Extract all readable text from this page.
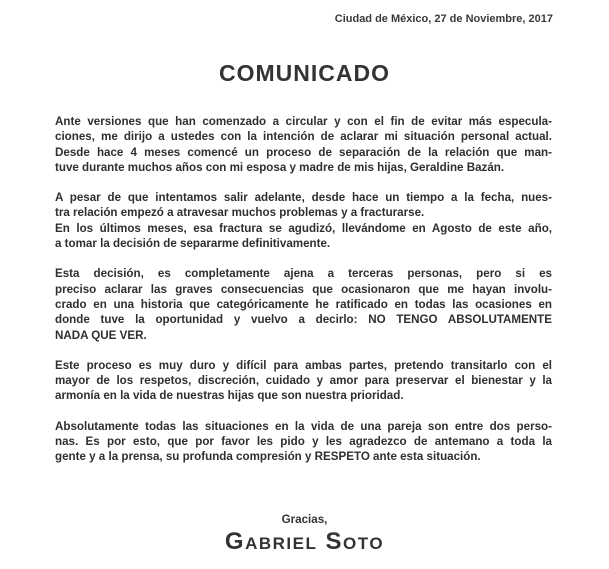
Ciudad de México, 27 de Noviembre, 2017
COMUNICADO
Ante versiones que han comenzado a circular y con el fin de evitar más especula-
ciones, me dirijo a ustedes con la intención de aclarar mi situación personal actual.
Desde hace 4 meses comencé un proceso de separación de la relación que man-
tuve durante muchos años con mi esposa y madre de mis hijas, Geraldine Bazán.
A pesar de que intentamos salir adelante, desde hace un tiempo a la fecha, nues-
tra relación empezó a atravesar muchos problemas y a fracturarse.
En los últimos meses, esa fractura se agudizó, llevándome en Agosto de este año,
a tomar la decisión de separarme definitivamente.
Esta decisión, es completamente ajena a terceras personas, pero si es
preciso aclarar las graves consecuencias que ocasionaron que me hayan involu-
crado en una historia que categóricamente he ratificado en todas las ocasiones en
donde tuve la oportunidad y vuelvo a decirlo: NO TENGO ABSOLUTAMENTE
NADA QUE VER.
Este proceso es muy duro y difícil para ambas partes, pretendo transitarlo con el
mayor de los respetos, discreción, cuidado y amor para preservar el bienestar y la
armonía en la vida de nuestras hijas que son nuestra prioridad.
Absolutamente todas las situaciones en la vida de una pareja son entre dos perso-
nas. Es por esto, que por favor les pido y les agradezco de antemano a toda la
gente y a la prensa, su profunda compresión y RESPETO ante esta situación.
Gracias,
Gabriel Soto
